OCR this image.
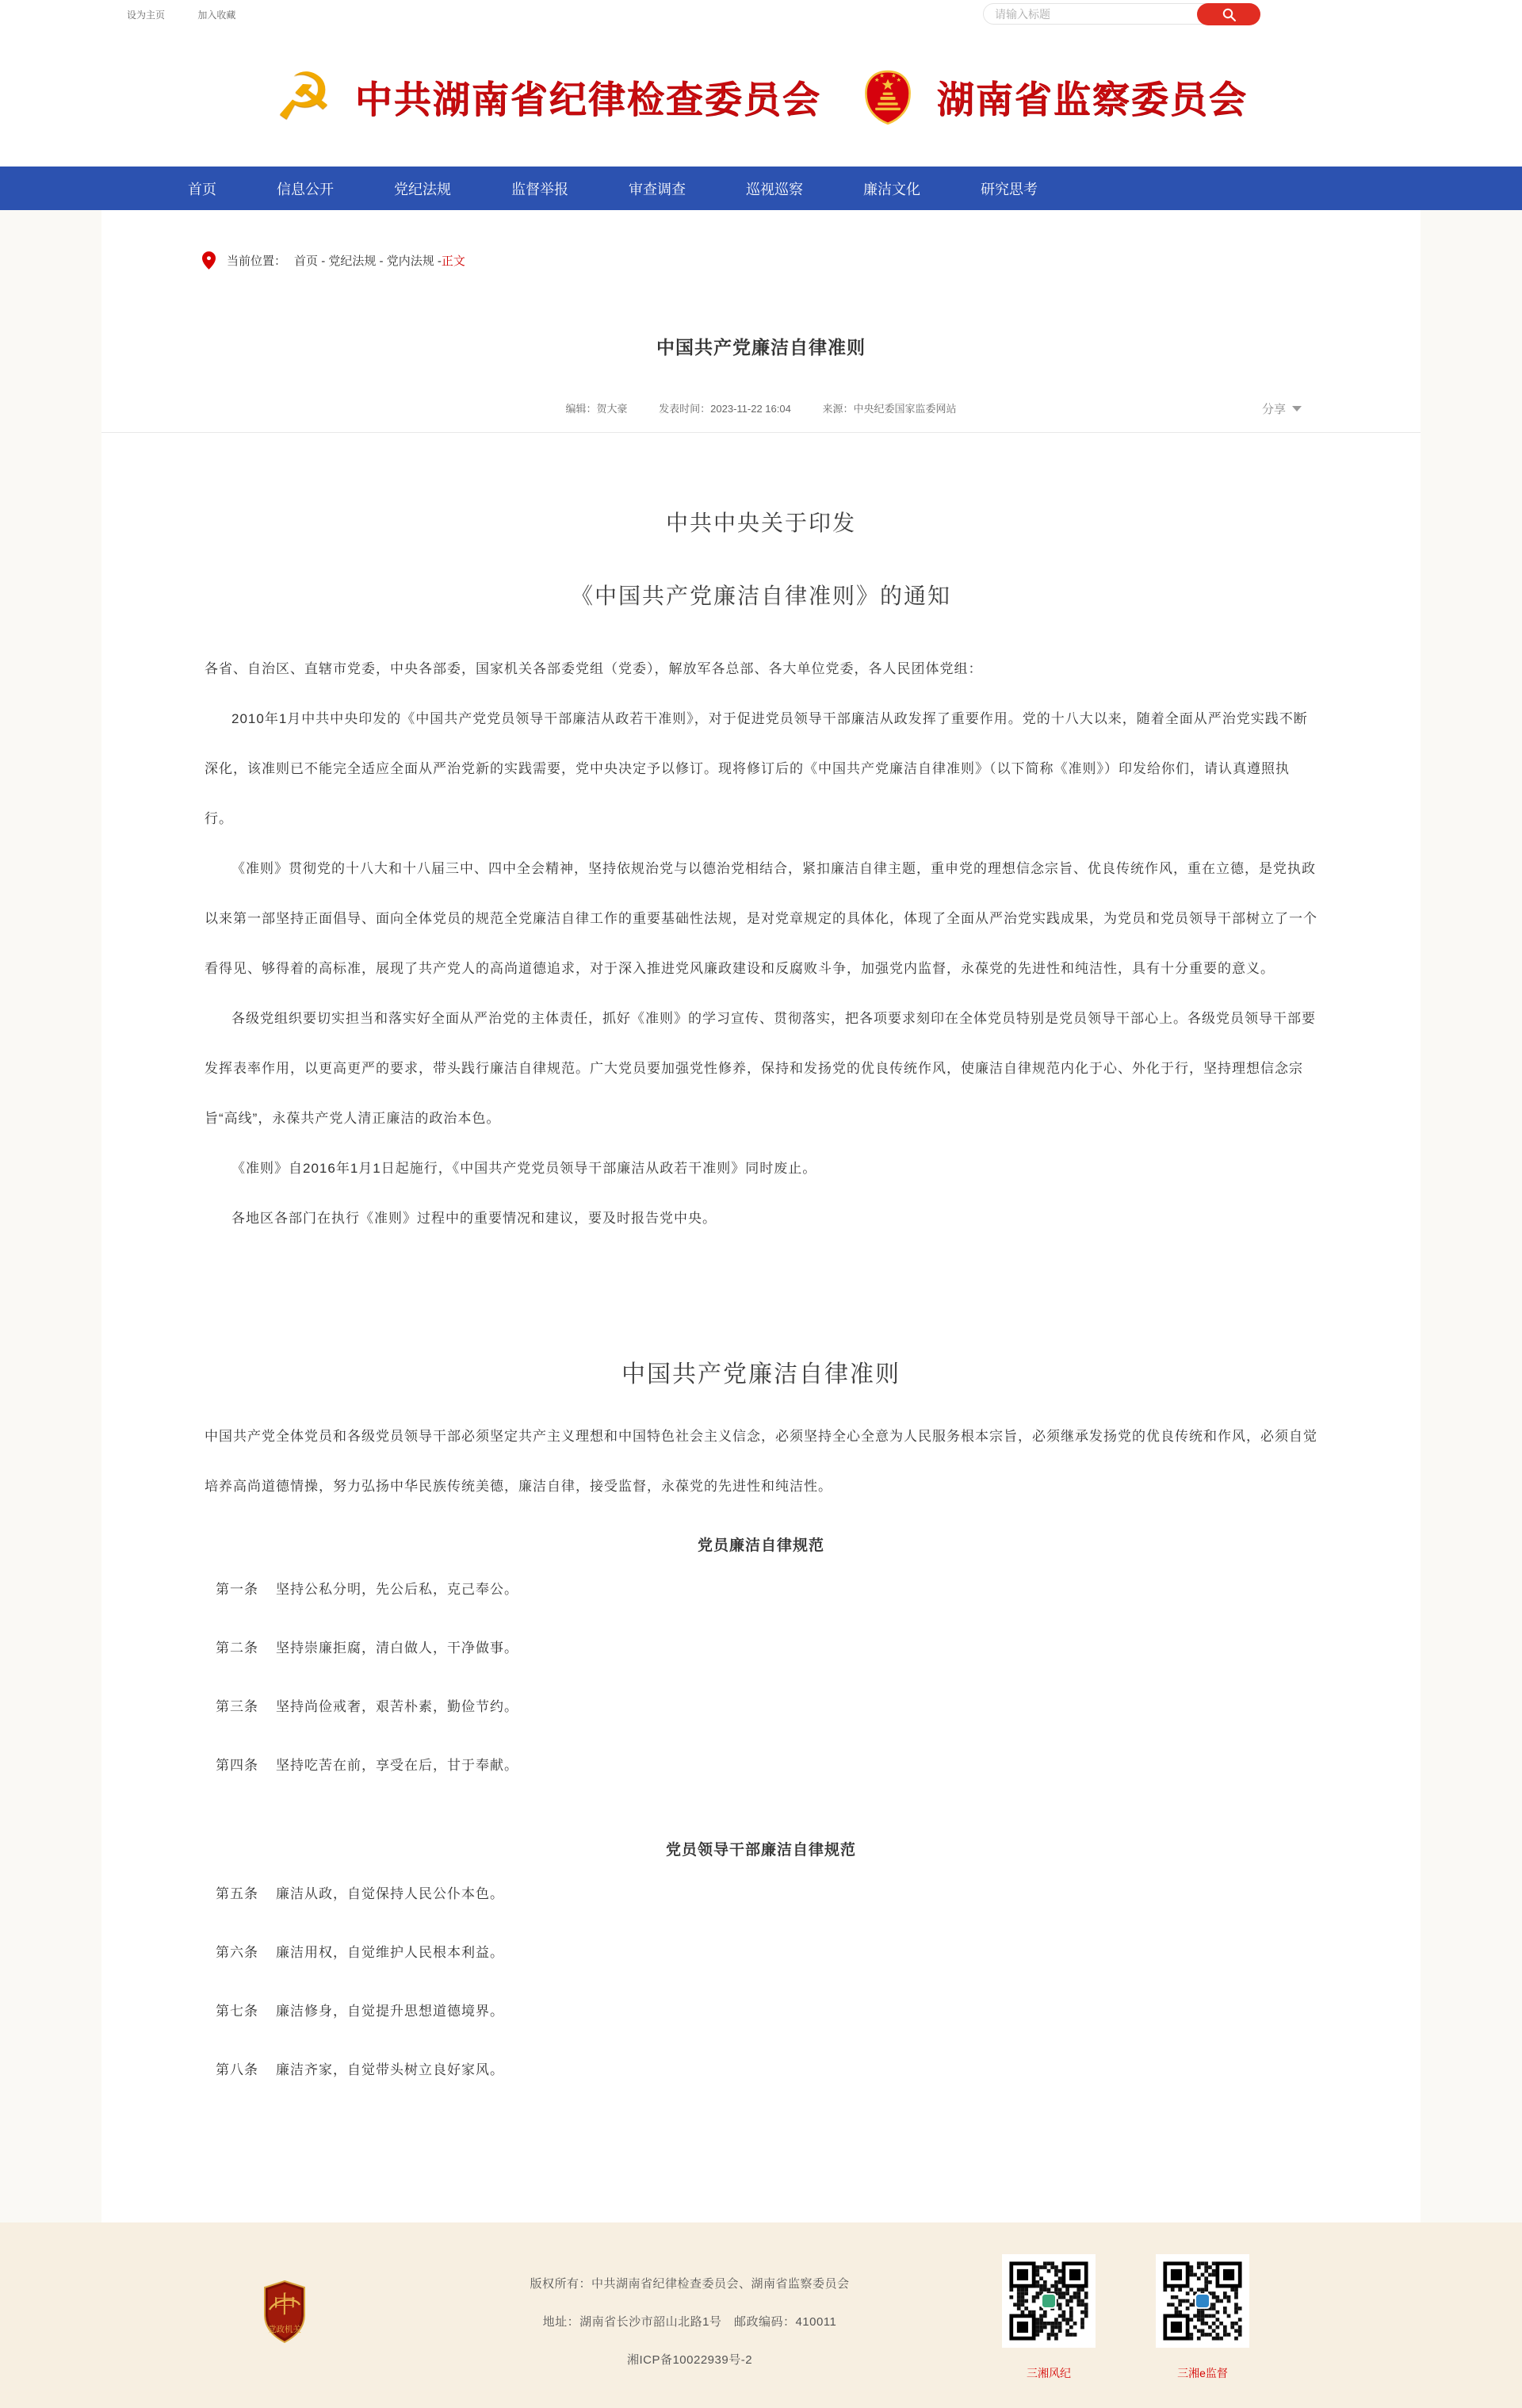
设为主页	加入收藏
请输入标题
☭ 中共湖南省纪律检查委员会	湖南省监察委员会
首页	信息公开	党纪法规	监督举报	审查调查	巡视巡察	廉洁文化	研究思考
当前位置： 首页 - 党纪法规 - 党内法规 - 正文
中国共产党廉洁自律准则
编辑：贺大豪	发表时间：2023-11-22 16:04	来源：中央纪委国家监委网站	分享
中共中央关于印发
《中国共产党廉洁自律准则》的通知

各省、自治区、直辖市党委，中央各部委，国家机关各部委党组（党委），解放军各总部、各大单位党委，各人民团体党组：

2010年1月中共中央印发的《中国共产党党员领导干部廉洁从政若干准则》，对于促进党员领导干部廉洁从政发挥了重要作用。党的十八大以来，随着全面从严治党实践不断深化，该准则已不能完全适应全面从严治党新的实践需要，党中央决定予以修订。现将修订后的《中国共产党廉洁自律准则》（以下简称《准则》）印发给你们，请认真遵照执行。

《准则》贯彻党的十八大和十八届三中、四中全会精神，坚持依规治党与以德治党相结合，紧扣廉洁自律主题，重申党的理想信念宗旨、优良传统作风，重在立德，是党执政以来第一部坚持正面倡导、面向全体党员的规范全党廉洁自律工作的重要基础性法规，是对党章规定的具体化，体现了全面从严治党实践成果，为党员和党员领导干部树立了一个看得见、够得着的高标准，展现了共产党人的高尚道德追求，对于深入推进党风廉政建设和反腐败斗争，加强党内监督，永葆党的先进性和纯洁性，具有十分重要的意义。

各级党组织要切实担当和落实好全面从严治党的主体责任，抓好《准则》的学习宣传、贯彻落实，把各项要求刻印在全体党员特别是党员领导干部心上。各级党员领导干部要发挥表率作用，以更高更严的要求，带头践行廉洁自律规范。广大党员要加强党性修养，保持和发扬党的优良传统作风，使廉洁自律规范内化于心、外化于行，坚持理想信念宗旨“高线”，永葆共产党人清正廉洁的政治本色。

《准则》自2016年1月1日起施行，《中国共产党党员领导干部廉洁从政若干准则》同时废止。

各地区各部门在执行《准则》过程中的重要情况和建议，要及时报告党中央。

中国共产党廉洁自律准则

中国共产党全体党员和各级党员领导干部必须坚定共产主义理想和中国特色社会主义信念，必须坚持全心全意为人民服务根本宗旨，必须继承发扬党的优良传统和作风，必须自觉培养高尚道德情操，努力弘扬中华民族传统美德，廉洁自律，接受监督，永葆党的先进性和纯洁性。

党员廉洁自律规范

第一条 坚持公私分明，先公后私，克己奉公。

第二条 坚持崇廉拒腐，清白做人，干净做事。

第三条 坚持尚俭戒奢，艰苦朴素，勤俭节约。

第四条 坚持吃苦在前，享受在后，甘于奉献。

党员领导干部廉洁自律规范

第五条 廉洁从政，自觉保持人民公仆本色。

第六条 廉洁用权，自觉维护人民根本利益。

第七条 廉洁修身，自觉提升思想道德境界。

第八条 廉洁齐家，自觉带头树立良好家风。

中
党政机关
版权所有：中共湖南省纪律检查委员会、湖南省监察委员会
地址：湖南省长沙市韶山北路1号　邮政编码：410011
湘ICP备10022939号-2
三湘风纪	三湘e监督
